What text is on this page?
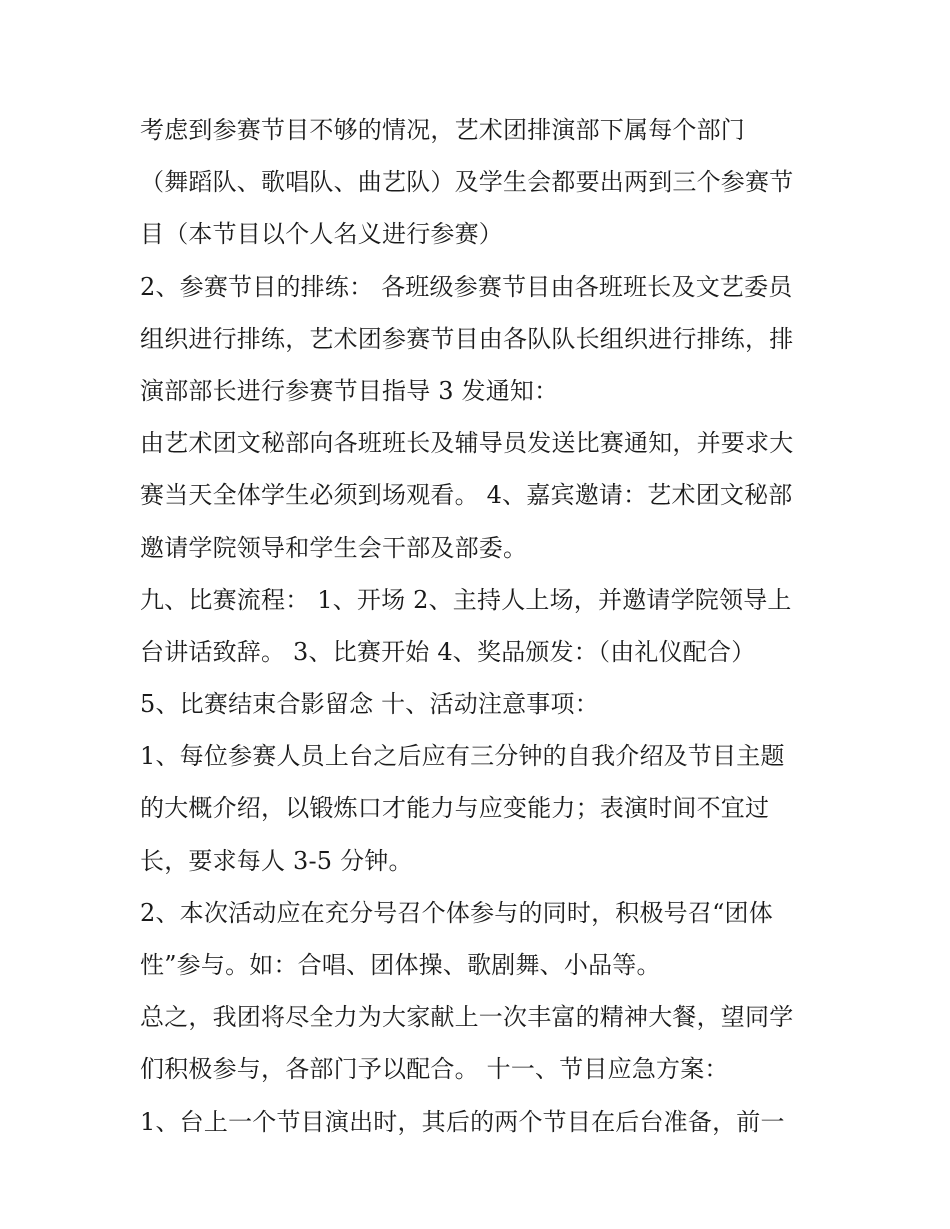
考虑到参赛节目不够的情况，艺术团排演部下属每个部门
（舞蹈队、歌唱队、曲艺队）及学生会都要出两到三个参赛节
目（本节目以个人名义进行参赛）
2、参赛节目的排练： 各班级参赛节目由各班班长及文艺委员
组织进行排练，艺术团参赛节目由各队队长组织进行排练，排
演部部长进行参赛节目指导 3 发通知：
由艺术团文秘部向各班班长及辅导员发送比赛通知，并要求大
赛当天全体学生必须到场观看。 4、嘉宾邀请：艺术团文秘部
邀请学院领导和学生会干部及部委。
九、比赛流程： 1、开场 2、主持人上场，并邀请学院领导上
台讲话致辞。 3、比赛开始 4、奖品颁发：（由礼仪配合）
5、比赛结束合影留念 十、活动注意事项：
1、每位参赛人员上台之后应有三分钟的自我介绍及节目主题
的大概介绍，以锻炼口才能力与应变能力；表演时间不宜过
长，要求每人 3-5 分钟。
2、本次活动应在充分号召个体参与的同时，积极号召“团体
性”参与。如：合唱、团体操、歌剧舞、小品等。
总之，我团将尽全力为大家献上一次丰富的精神大餐，望同学
们积极参与，各部门予以配合。 十一、节目应急方案：
1、台上一个节目演出时，其后的两个节目在后台准备，前一
